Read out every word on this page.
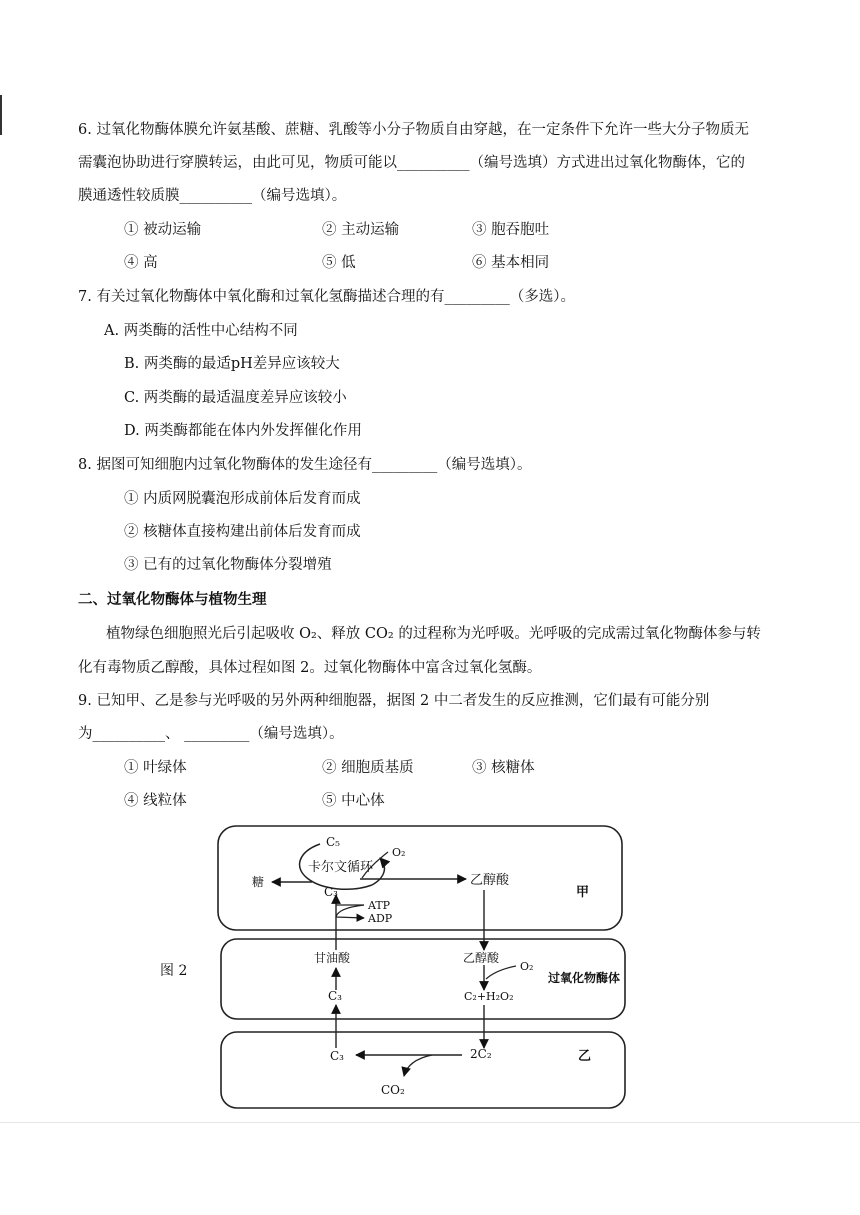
6. 过氧化物酶体膜允许氨基酸、蔗糖、乳酸等小分子物质自由穿越，在一定条件下允许一些大分子物质无
需囊泡协助进行穿膜转运，由此可见，物质可能以__________（编号选填）方式进出过氧化物酶体，它的
膜通透性较质膜__________（编号选填）。
① 被动运输	② 主动运输	③ 胞吞胞吐
④ 高	⑤ 低	⑥ 基本相同
7. 有关过氧化物酶体中氧化酶和过氧化氢酶描述合理的有_________（多选）。
A. 两类酶的活性中心结构不同
B. 两类酶的最适pH差异应该较大
C. 两类酶的最适温度差异应该较小
D. 两类酶都能在体内外发挥催化作用
8. 据图可知细胞内过氧化物酶体的发生途径有_________（编号选填）。
① 内质网脱囊泡形成前体后发育而成
② 核糖体直接构建出前体后发育而成
③ 已有的过氧化物酶体分裂增殖
二、过氧化物酶体与植物生理
植物绿色细胞照光后引起吸收 O₂、释放 CO₂ 的过程称为光呼吸。光呼吸的完成需过氧化物酶体参与转
化有毒物质乙醇酸，具体过程如图 2。过氧化物酶体中富含过氧化氢酶。
9. 已知甲、乙是参与光呼吸的另外两种细胞器，据图 2 中二者发生的反应推测，它们最有可能分别
为__________、 _________（编号选填）。
① 叶绿体	② 细胞质基质	③ 核糖体
④ 线粒体	⑤ 中心体
图 2
C₅
O₂
卡尔文循环
糖
C₃
乙醇酸
甲
ATP
ADP
甘油酸	乙醇酸
O₂
过氧化物酶体
C₃	C₂+H₂O₂
C₃	2C₂	乙
CO₂
